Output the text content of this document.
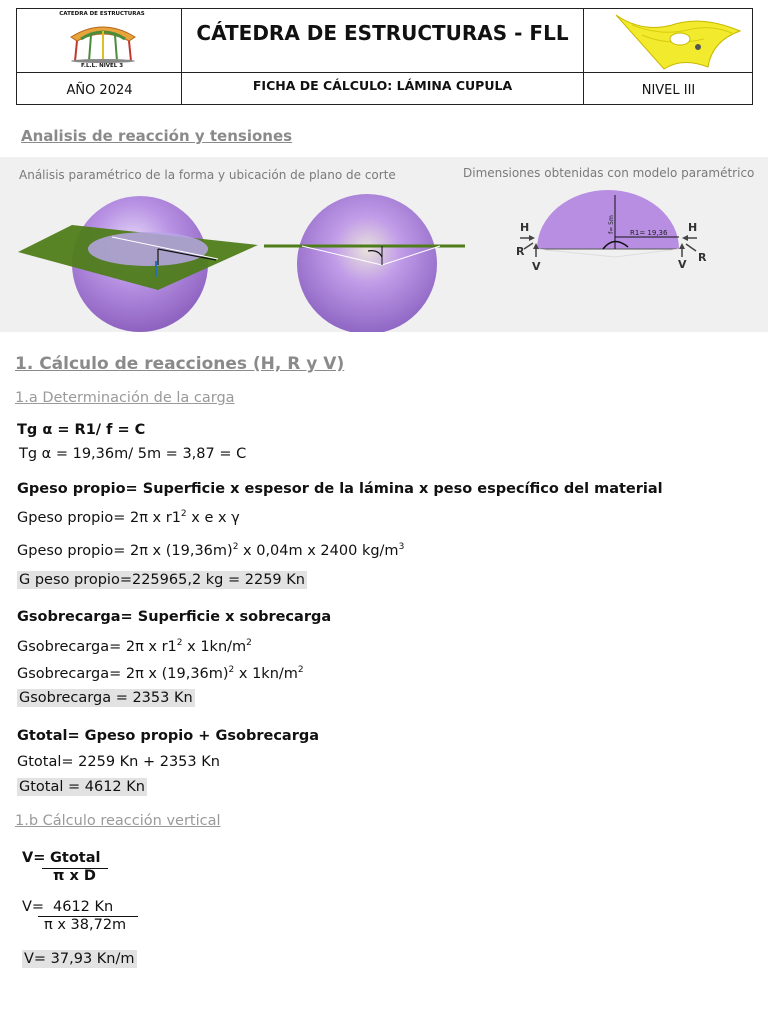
CATEDRA DE ESTRUCTURAS
F.L.L. NIVEL 3
CÁTEDRA DE ESTRUCTURAS - FLL
AÑO 2024	FICHA DE CÁLCULO: LÁMINA CUPULA	NIVEL III
Analisis de reacción y tensiones
Análisis paramétrico de la forma y ubicación de plano de corte	Dimensiones obtenidas con modelo paramétrico
H	H
R	R
V	V
R1= 19,36
f= 5m
1. Cálculo de reacciones (H, R y V)
1.a Determinación de la carga
Tg α = R1/ f = C
Tg α = 19,36m/ 5m = 3,87 = C
Gpeso propio= Superficie x espesor de la lámina x peso específico del material
Gpeso propio= 2π x $r1^2$ x e x γ
Gpeso propio= 2π x $(19,36m)^2$ x 0,04m x 2400 $kg/m^3$
G peso propio=225965,2 kg = 2259 Kn
Gsobrecarga= Superficie x sobrecarga
Gsobrecarga= 2π x $r1^2$ x $1kn/m^2$
Gsobrecarga= 2π x $(19,36m)^2$ x $1kn/m^2$
Gsobrecarga = 2353 Kn
Gtotal= Gpeso propio + Gsobrecarga
Gtotal= 2259 Kn + 2353 Kn
Gtotal = 4612 Kn
1.b Cálculo reacción vertical
V= Gtotal
π x D
V= 4612 Kn
π x 38,72m
V= 37,93 Kn/m
